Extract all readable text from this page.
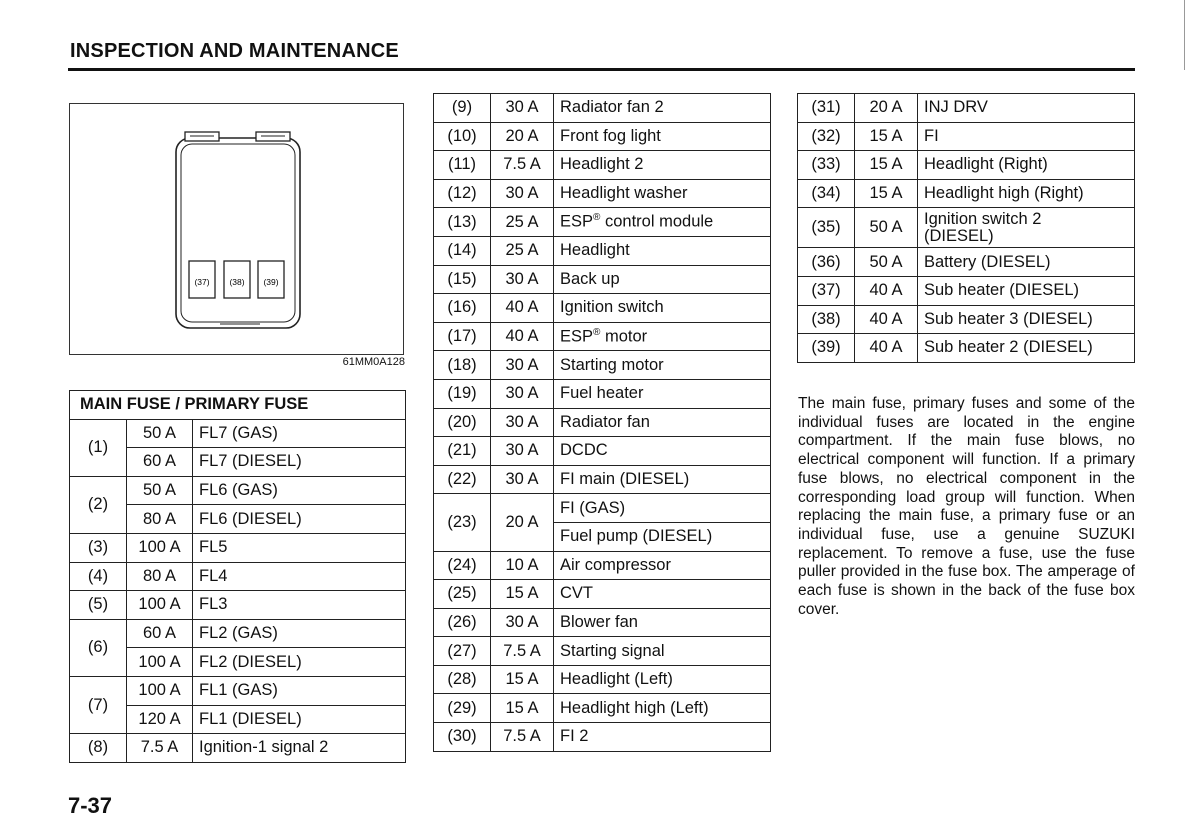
INSPECTION AND MAINTENANCE
(37) (38) (39)
61MM0A128
MAIN FUSE / PRIMARY FUSE		
(1)	50 A	FL7 (GAS)
	60 A	FL7 (DIESEL)
(2)	50 A	FL6 (GAS)
	80 A	FL6 (DIESEL)
(3)	100 A	FL5
(4)	80 A	FL4
(5)	100 A	FL3
(6)	60 A	FL2 (GAS)
	100 A	FL2 (DIESEL)
(7)	100 A	FL1 (GAS)
	120 A	FL1 (DIESEL)
(8)	7.5 A	Ignition-1 signal 2
(9)	30 A	Radiator fan 2
(10)	20 A	Front fog light
(11)	7.5 A	Headlight 2
(12)	30 A	Headlight washer
(13)	25 A	ESP® control module
(14)	25 A	Headlight
(15)	30 A	Back up
(16)	40 A	Ignition switch
(17)	40 A	ESP® motor
(18)	30 A	Starting motor
(19)	30 A	Fuel heater
(20)	30 A	Radiator fan
(21)	30 A	DCDC
(22)	30 A	FI main (DIESEL)
(23)	20 A	FI (GAS)
		Fuel pump (DIESEL)
(24)	10 A	Air compressor
(25)	15 A	CVT
(26)	30 A	Blower fan
(27)	7.5 A	Starting signal
(28)	15 A	Headlight (Left)
(29)	15 A	Headlight high (Left)
(30)	7.5 A	FI 2
(31)	20 A	INJ DRV
(32)	15 A	FI
(33)	15 A	Headlight (Right)
(34)	15 A	Headlight high (Right)
(35)	50 A	Ignition switch 2
(DIESEL)
(36)	50 A	Battery (DIESEL)
(37)	40 A	Sub heater (DIESEL)
(38)	40 A	Sub heater 3 (DIESEL)
(39)	40 A	Sub heater 2 (DIESEL)

The main fuse, primary fuses and some of the individual fuses are located in the engine compartment. If the main fuse blows, no electrical component will function. If a primary fuse blows, no electrical component in the corresponding load group will function. When replacing the main fuse, a primary fuse or an individual fuse, use a genuine SUZUKI replacement. To remove a fuse, use the fuse puller provided in the fuse box. The amperage of each fuse is shown in the back of the fuse box cover.

7-37
